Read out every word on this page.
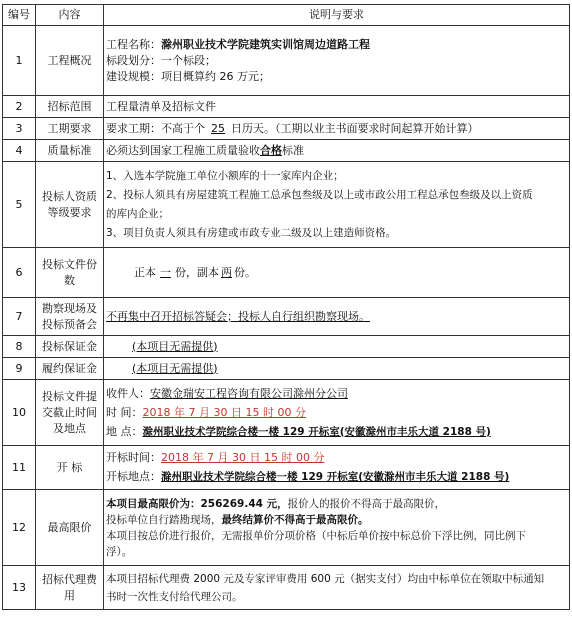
编号	内容	说明与要求
1	工程概况	工程名称：滁州职业技术学院建筑实训馆周边道路工程
标段划分：一个标段；
建设规模：项目概算约 26 万元；

2	招标范围	工程量清单及招标文件
3	工期要求	要求工期：不高于个 25 日历天。（工期以业主书面要求时间起算开始计算）
4	质量标准	必须达到国家工程施工质量验收合格标准
5	投标人资质等级要求	1、入选本学院施工单位小额库的十一家库内企业；
2、投标人须具有房屋建筑工程施工总承包叁级及以上或市政公用工程总承包叁级及以上资质
的库内企业；
3、项目负责人须具有房建或市政专业二级及以上建造师资格。

6	投标文件份数	正本 一 份，副本 两 份。
7	勘察现场及投标预备会	不再集中召开招标答疑会；投标人自行组织勘察现场。
8	投标保证金	(本项目无需提供)
9	履约保证金	(本项目无需提供)
10	投标文件提交截止时间及地点	收件人：安徽金瑞安工程咨询有限公司滁州分公司
时 间：2018 年 7 月 30 日 15 时 00 分
地 点：滁州职业技术学院综合楼一楼 129 开标室(安徽滁州市丰乐大道 2188 号)

11	开 标	开标时间：2018 年 7 月 30 日 15 时 00 分
开标地点：滁州职业技术学院综合楼一楼 129 开标室(安徽滁州市丰乐大道 2188 号)

12	最高限价	本项目最高限价为：256269.44 元，报价人的报价不得高于最高限价，
投标单位自行踏勘现场，最终结算价不得高于最高限价。
本项目按总价进行报价，无需报单价分项价格（中标后单价按中标总价下浮比例，同比例下
浮）。

13	招标代理费用	本项目招标代理费 2000 元及专家评审费用 600 元（据实支付）均由中标单位在领取中标通知
书时一次性支付给代理公司。
